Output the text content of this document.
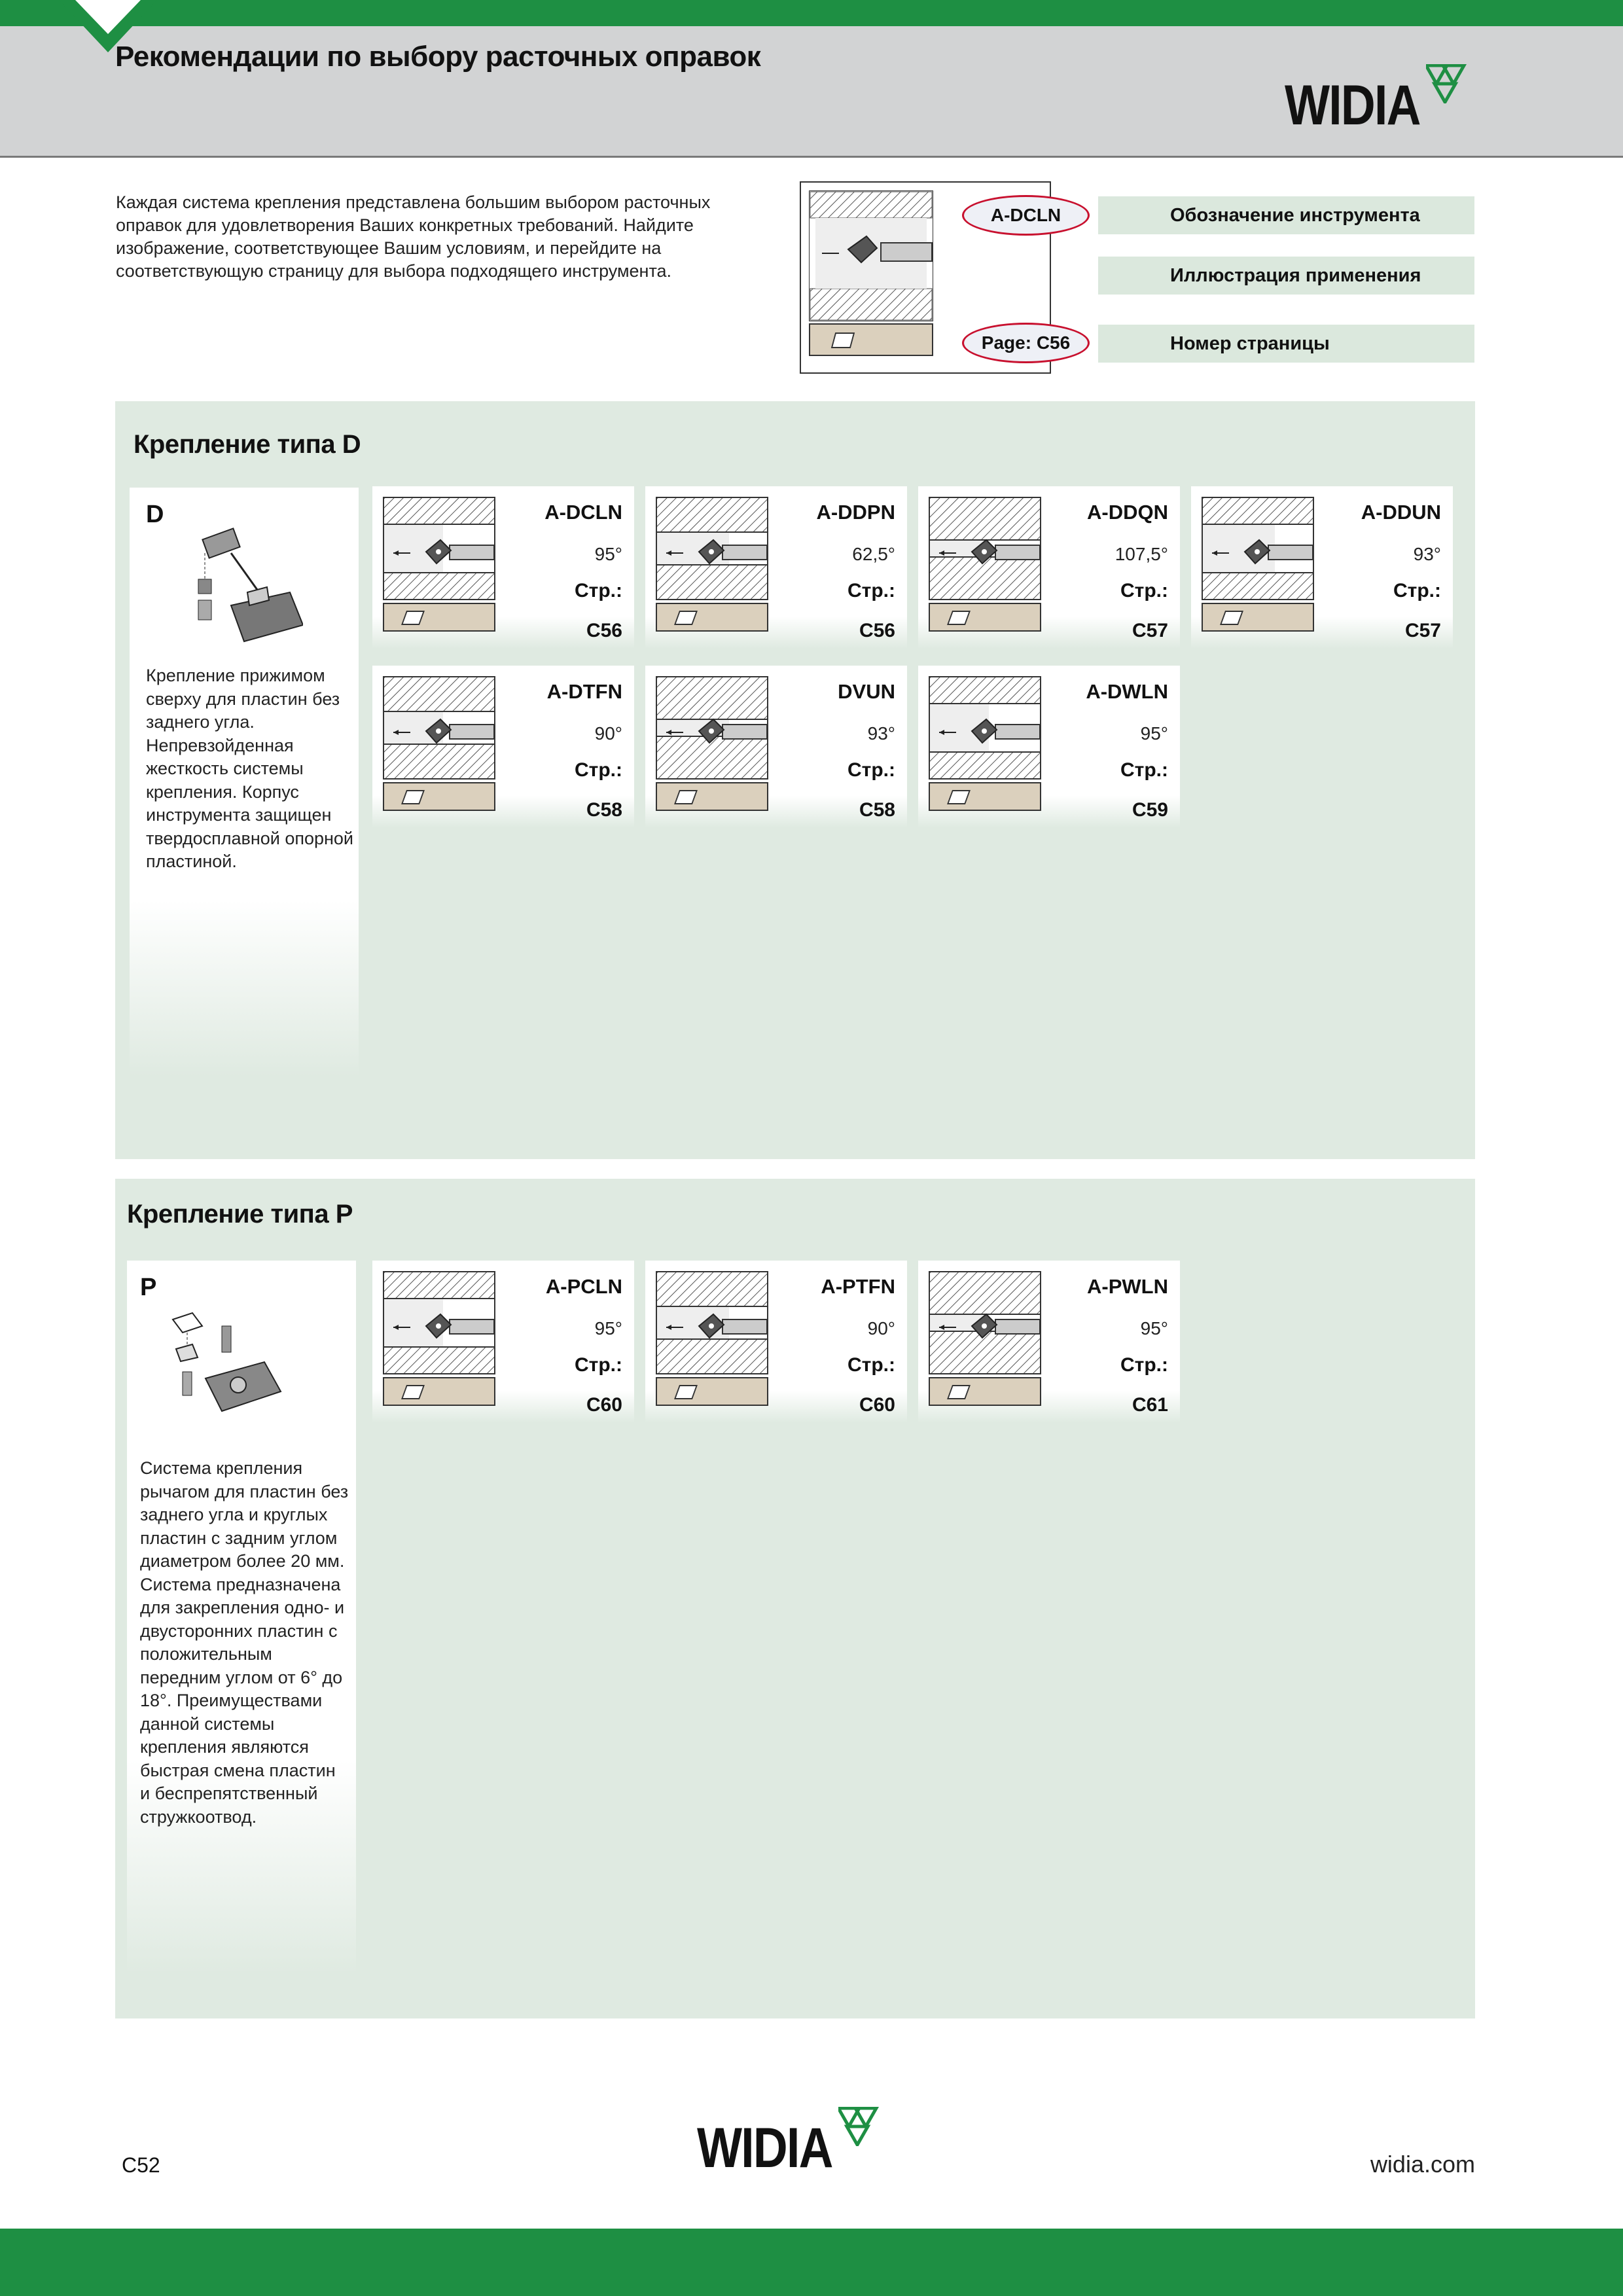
Рекомендации по выбору расточных оправок
WIDIA
Каждая система крепления представлена большим выбором расточных оправок для удовлетворения Ваших конкретных требований. Найдите изображение, соответствующее Вашим условиям, и перейдите на соответствующую страницу для выбора подходящего инструмента.
A-DCLN
Page: C56
Обозначение инструмента
Иллюстрация применения
Номер страницы
Крепление типа D
D
Крепление прижимом сверху для пластин без заднего угла. Непревзойденная жесткость системы крепления. Корпус инструмента защищен твердосплавной опорной пластиной.
A-DCLN
95°
Стр.:
C56
A-DDPN
62,5°
Стр.:
C56
A-DDQN
107,5°
Стр.:
C57
A-DDUN
93°
Стр.:
C57
A-DTFN
90°
Стр.:
C58
DVUN
93°
Стр.:
C58
A-DWLN
95°
Стр.:
C59
Крепление типа P
P
Система крепления рычагом для пластин без заднего угла и круглых пластин с задним углом диаметром более 20 мм. Система предназначена для закрепления одно- и двусторонних пластин с положительным передним углом от 6° до 18°. Преимуществами данной системы крепления являются быстрая смена пластин и беспрепятственный стружкоотвод.
A-PCLN
95°
Стр.:
C60
A-PTFN
90°
Стр.:
C60
A-PWLN
95°
Стр.:
C61
C52	WIDIA	widia.com
